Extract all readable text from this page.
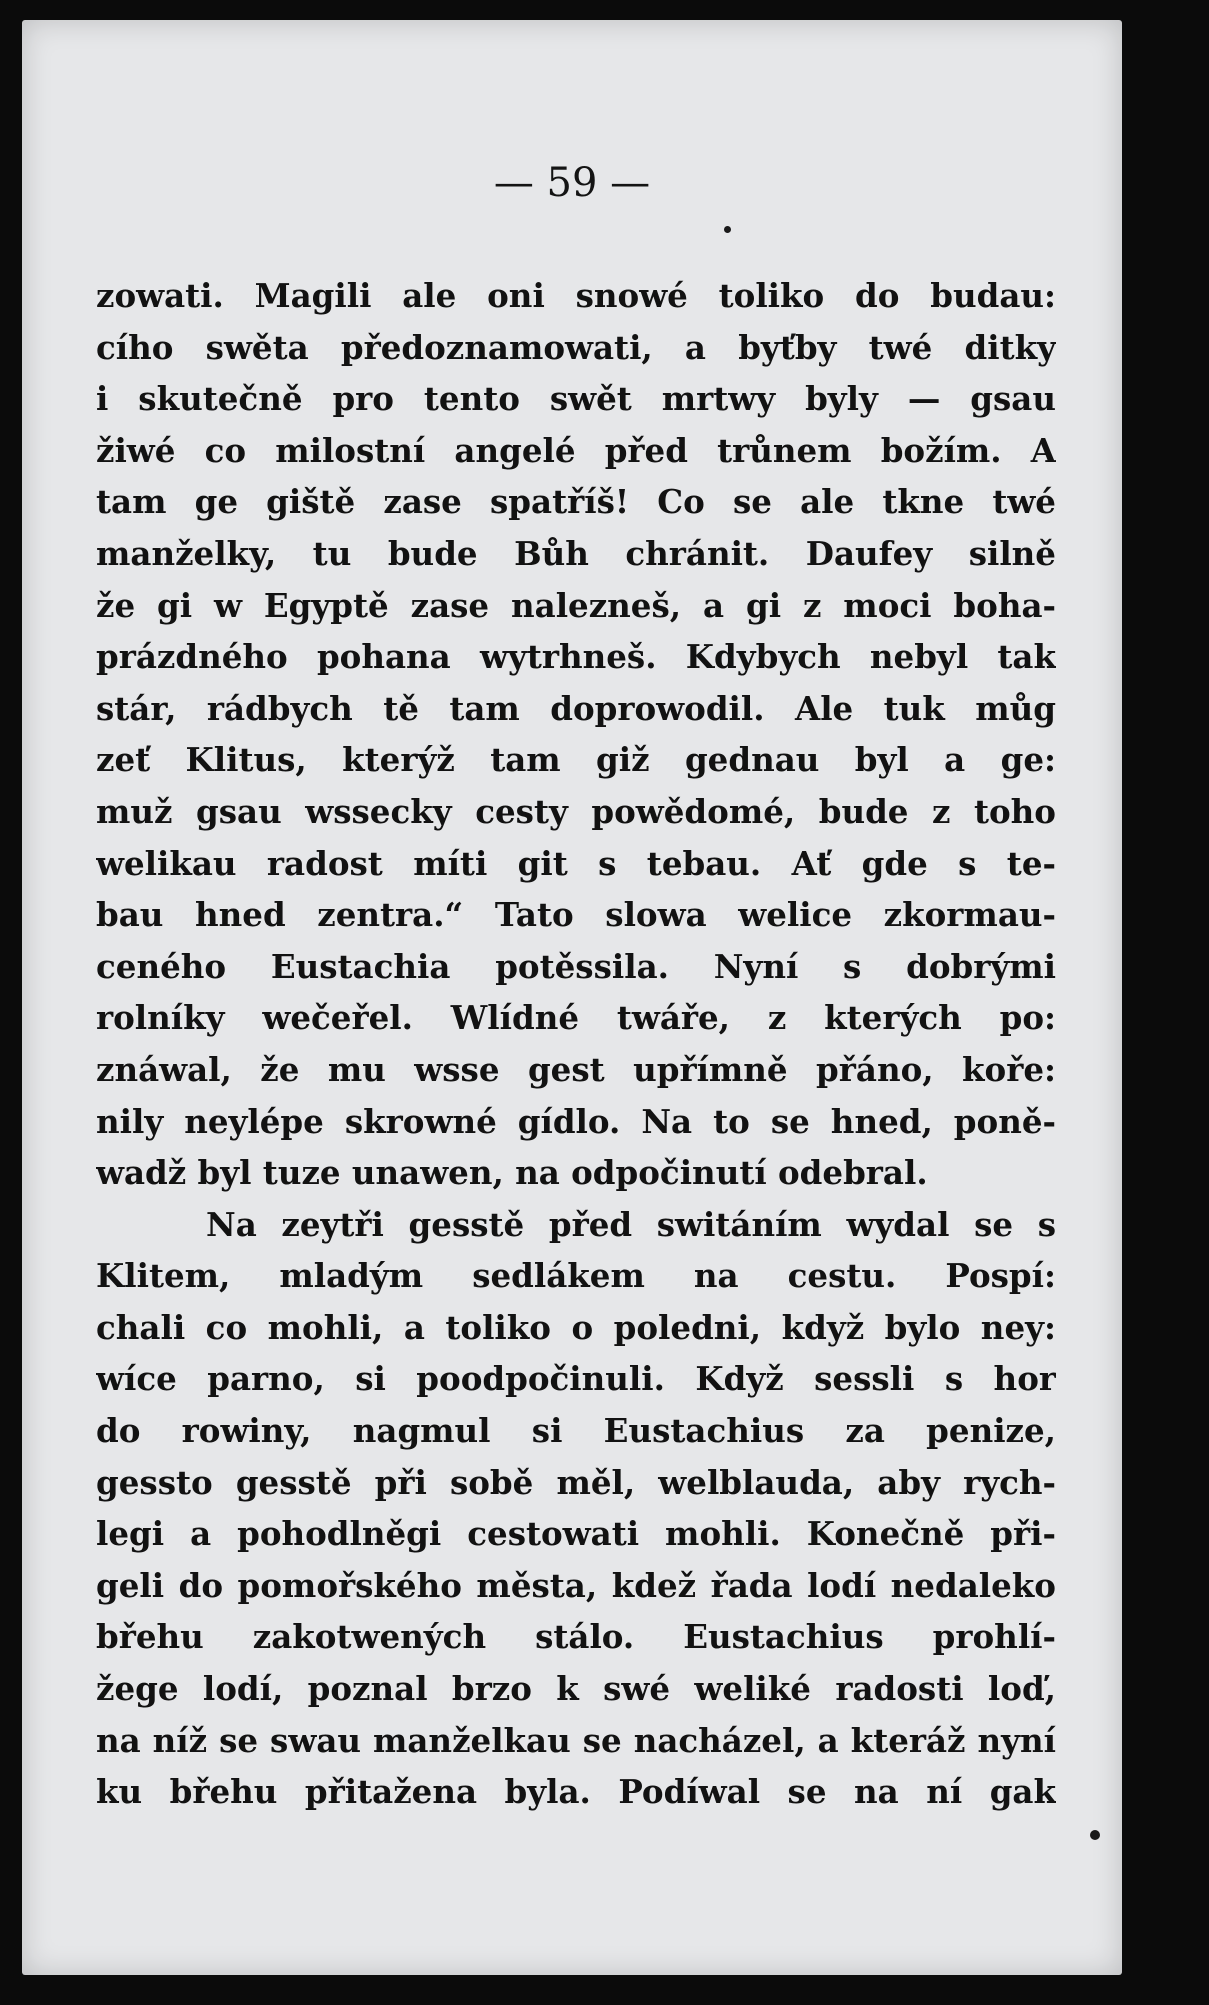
— 59 —
zowati. Magili ale oni snowé toliko do budau:
cího swěta předoznamowati, a byťby twé ditky
i skutečně pro tento swět mrtwy byly — gsau
žiwé co milostní angelé před trůnem božím. A
tam ge giště zase spatříš! Co se ale tkne twé
manželky, tu bude Bůh chránit. Daufey silně
že gi w Egyptě zase nalezneš, a gi z moci boha-
prázdného pohana wytrhneš. Kdybych nebyl tak
stár, rádbych tě tam doprowodil. Ale tuk můg
zeť Klitus, kterýž tam giž gednau byl a ge:
muž gsau wssecky cesty powědomé, bude z toho
welikau radost míti git s tebau. Ať gde s te-
bau hned zentra.“ Tato slowa welice zkormau-
ceného Eustachia potěssila. Nyní s dobrými
rolníky wečeřel. Wlídné twáře, z kterých po:
znáwal, že mu wsse gest upřímně přáno, koře:
nily neylépe skrowné gídlo. Na to se hned, poně-
wadž byl tuze unawen, na odpočinutí odebral.
Na zeytři gesstě před switáním wydal se s
Klitem, mladým sedlákem na cestu. Pospí:
chali co mohli, a toliko o poledni, když bylo ney:
wíce parno, si poodpočinuli. Když sessli s hor
do rowiny, nagmul si Eustachius za penize,
gessto gesstě při sobě měl, welblauda, aby rych-
legi a pohodlněgi cestowati mohli. Konečně při-
geli do pomořského města, kdež řada lodí nedaleko
břehu zakotwených stálo. Eustachius prohlí-
žege lodí, poznal brzo k swé weliké radosti loď,
na níž se swau manželkau se nacházel, a kteráž nyní
ku břehu přitažena byla. Podíwal se na ní gak
